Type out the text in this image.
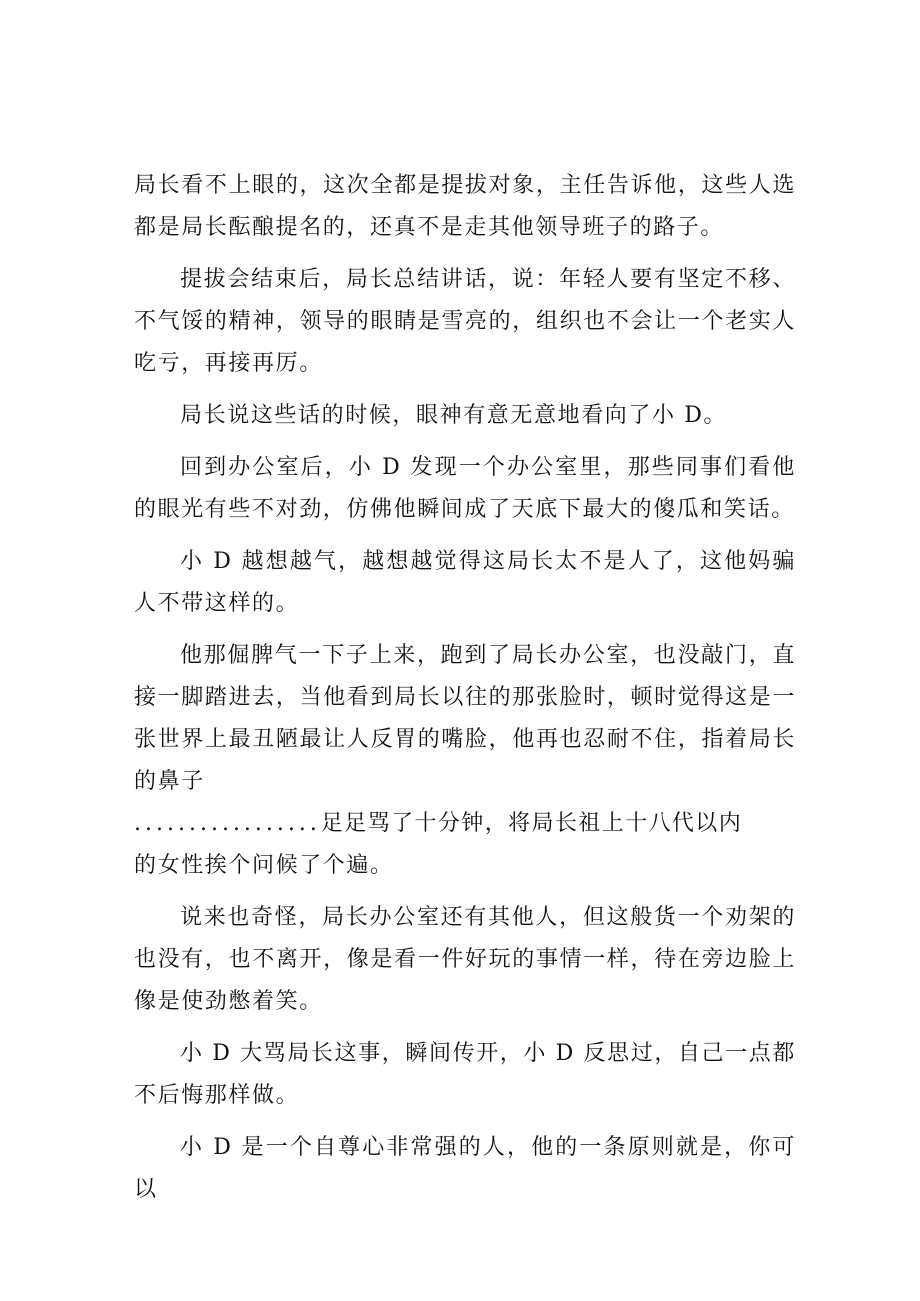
局长看不上眼的，这次全都是提拔对象，主任告诉他，这些人选都是局长酝酿提名的，还真不是走其他领导班子的路子。

提拔会结束后，局长总结讲话，说：年轻人要有坚定不移、不气馁的精神，领导的眼睛是雪亮的，组织也不会让一个老实人吃亏，再接再厉。

局长说这些话的时候，眼神有意无意地看向了小 D。

回到办公室后，小 D 发现一个办公室里，那些同事们看他的眼光有些不对劲，仿佛他瞬间成了天底下最大的傻瓜和笑话。

小 D 越想越气，越想越觉得这局长太不是人了，这他妈骗人不带这样的。

他那倔脾气一下子上来，跑到了局长办公室，也没敲门，直接一脚踏进去，当他看到局长以往的那张脸时，顿时觉得这是一张世界上最丑陋最让人反胃的嘴脸，他再也忍耐不住，指着局长的鼻子

.................足足骂了十分钟，将局长祖上十八代以内

的女性挨个问候了个遍。

说来也奇怪，局长办公室还有其他人，但这般货一个劝架的也没有，也不离开，像是看一件好玩的事情一样，待在旁边脸上像是使劲憋着笑。

小 D 大骂局长这事，瞬间传开，小 D 反思过，自己一点都不后悔那样做。

小 D 是一个自尊心非常强的人，他的一条原则就是，你可以
